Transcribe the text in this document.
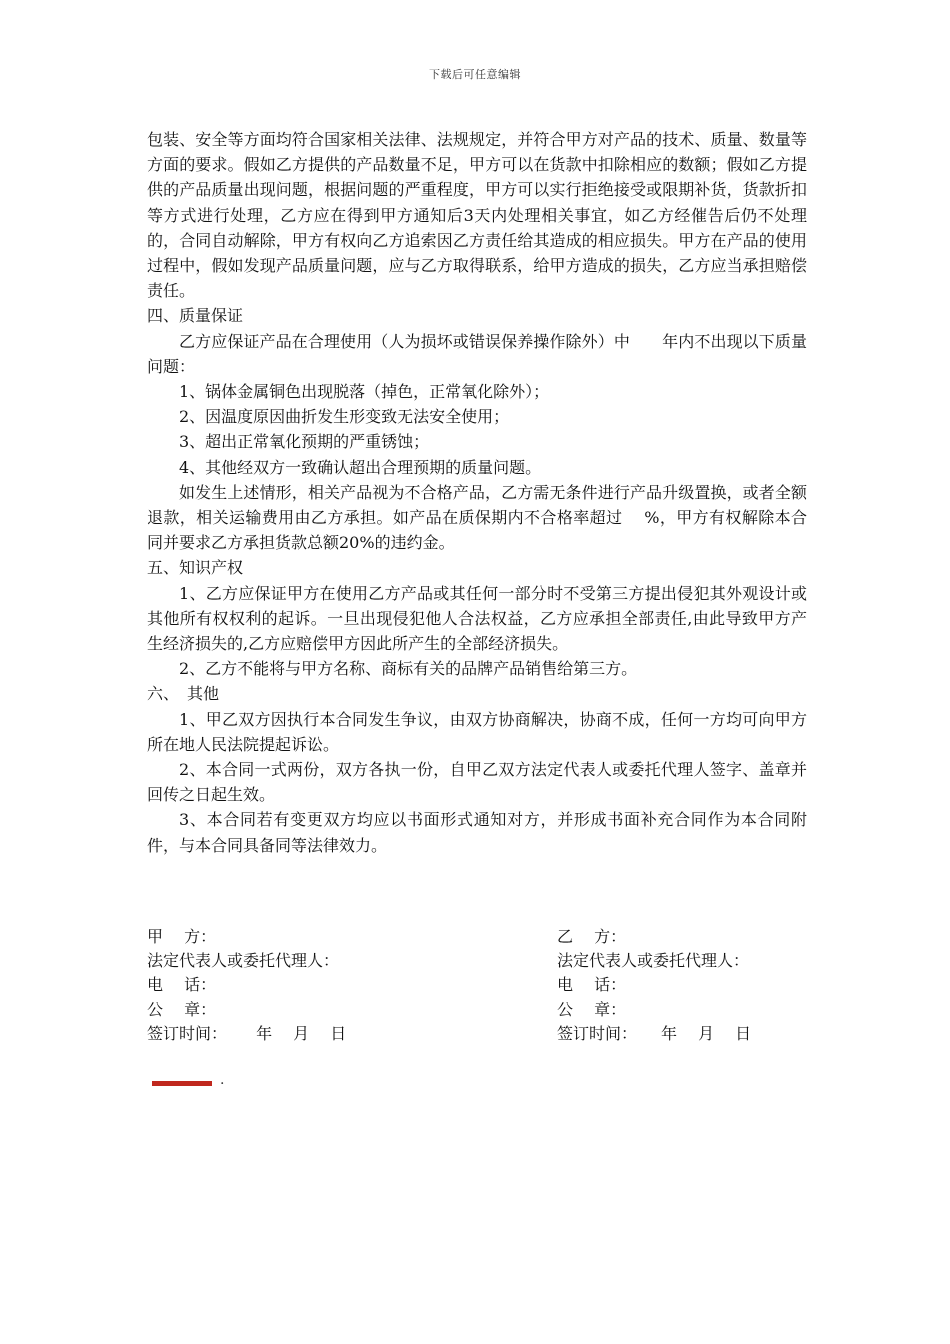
下载后可任意编辑

包装、安全等方面均符合国家相关法律、法规规定，并符合甲方对产品的技术、质量、数量等方面的要求。假如乙方提供的产品数量不足，甲方可以在货款中扣除相应的数额；假如乙方提供的产品质量出现问题，根据问题的严重程度，甲方可以实行拒绝接受或限期补货，货款折扣等方式进行处理，乙方应在得到甲方通知后3天内处理相关事宜，如乙方经催告后仍不处理的，合同自动解除，甲方有权向乙方追索因乙方责任给其造成的相应损失。甲方在产品的使用过程中，假如发现产品质量问题，应与乙方取得联系，给甲方造成的损失，乙方应当承担赔偿责任。

四、质量保证

乙方应保证产品在合理使用（人为损坏或错误保养操作除外）中　　年内不出现以下质量问题：

1、锅体金属铜色出现脱落（掉色，正常氧化除外）；

2、因温度原因曲折发生形变致无法安全使用；

3、超出正常氧化预期的严重锈蚀；

4、其他经双方一致确认超出合理预期的质量问题。

如发生上述情形，相关产品视为不合格产品，乙方需无条件进行产品升级置换，或者全额退款，相关运输费用由乙方承担。如产品在质保期内不合格率超过　 %，甲方有权解除本合同并要求乙方承担货款总额20%的违约金。

五、知识产权

1、乙方应保证甲方在使用乙方产品或其任何一部分时不受第三方提出侵犯其外观设计或其他所有权权利的起诉。一旦出现侵犯他人合法权益，乙方应承担全部责任,由此导致甲方产生经济损失的,乙方应赔偿甲方因此所产生的全部经济损失。

2、乙方不能将与甲方名称、商标有关的品牌产品销售给第三方。

六、　其他

1、甲乙双方因执行本合同发生争议，由双方协商解决，协商不成，任何一方均可向甲方所在地人民法院提起诉讼。

2、本合同一式两份，双方各执一份，自甲乙双方法定代表人或委托代理人签字、盖章并回传之日起生效。

3、本合同若有变更双方均应以书面形式通知对方，并形成书面补充合同作为本合同附件，与本合同具备同等法律效力。

甲　 方：
法定代表人或委托代理人：
电　 话：
公　 章：
签订时间：　　 年　 月　 日
乙　 方：
法定代表人或委托代理人：
电　 话：
公　 章：
签订时间：　　年　 月　 日
.
